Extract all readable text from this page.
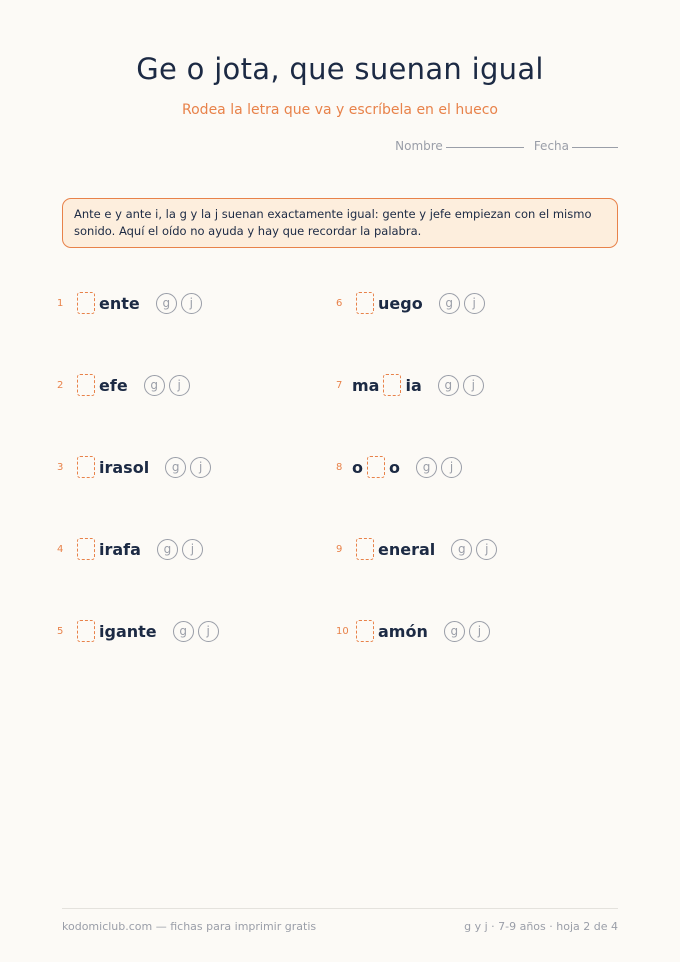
Ge o jota, que suenan igual
Rodea la letra que va y escríbela en el hueco
Nombre	Fecha
Ante e y ante i, la g y la j suenan exactamente igual: gente y jefe empiezan con el mismo sonido. Aquí el oído no ayuda y hay que recordar la palabra.
1	ente	g	j
2	efe	g	j
3	irasol	g	j
4	irafa	g	j
5	igante	g	j
6	uego	g	j
7 ma ia	g	j
8 o o	g	j
9	eneral	g	j
10 amón	g	j
kodomiclub.com — fichas para imprimir gratis	g y j · 7-9 años · hoja 2 de 4
